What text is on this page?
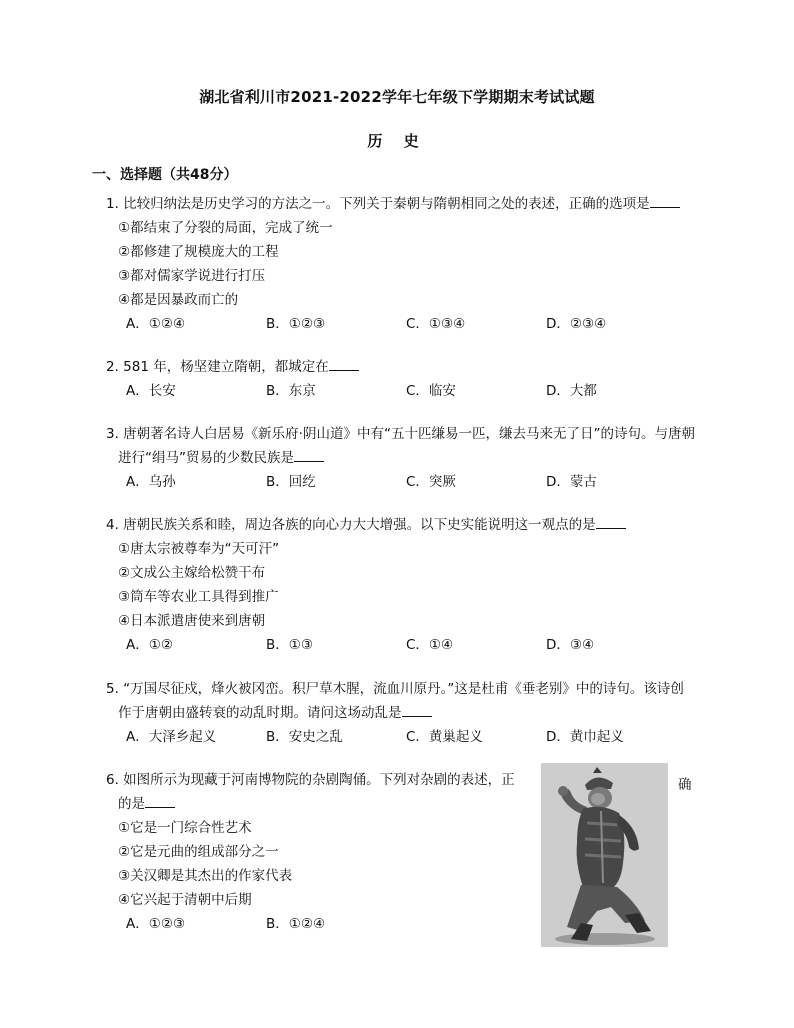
湖北省利川市2021-2022学年七年级下学期期末考试试题
历 史
一、选择题（共48分）
1. 比较归纳法是历史学习的方法之一。下列关于秦朝与隋朝相同之处的表述，正确的选项是
①都结束了分裂的局面，完成了统一
②都修建了规模庞大的工程
③都对儒家学说进行打压
④都是因暴政而亡的
A．①②④	B．①②③	C．①③④	D．②③④
2. 581 年，杨坚建立隋朝，都城定在
A．长安	B．东京	C．临安	D．大都
3. 唐朝著名诗人白居易《新乐府·阴山道》中有“五十匹缣易一匹，缣去马来无了日”的诗句。与唐朝
进行“绢马”贸易的少数民族是
A．乌孙	B．回纥	C．突厥	D．蒙古
4. 唐朝民族关系和睦，周边各族的向心力大大增强。以下史实能说明这一观点的是
①唐太宗被尊奉为“天可汗”
②文成公主嫁给松赞干布
③筒车等农业工具得到推广
④日本派遣唐使来到唐朝
A．①②	B．①③	C．①④	D．③④
5. “万国尽征戍，烽火被冈峦。积尸草木腥，流血川原丹。”这是杜甫《垂老别》中的诗句。该诗创
作于唐朝由盛转衰的动乱时期。请问这场动乱是
A．大泽乡起义	B．安史之乱	C．黄巢起义	D．黄巾起义
6. 如图所示为现藏于河南博物院的杂剧陶俑。下列对杂剧的表述，正
的是
①它是一门综合性艺术
②它是元曲的组成部分之一
③关汉卿是其杰出的作家代表
④它兴起于清朝中后期
A．①②③	B．①②④
确
